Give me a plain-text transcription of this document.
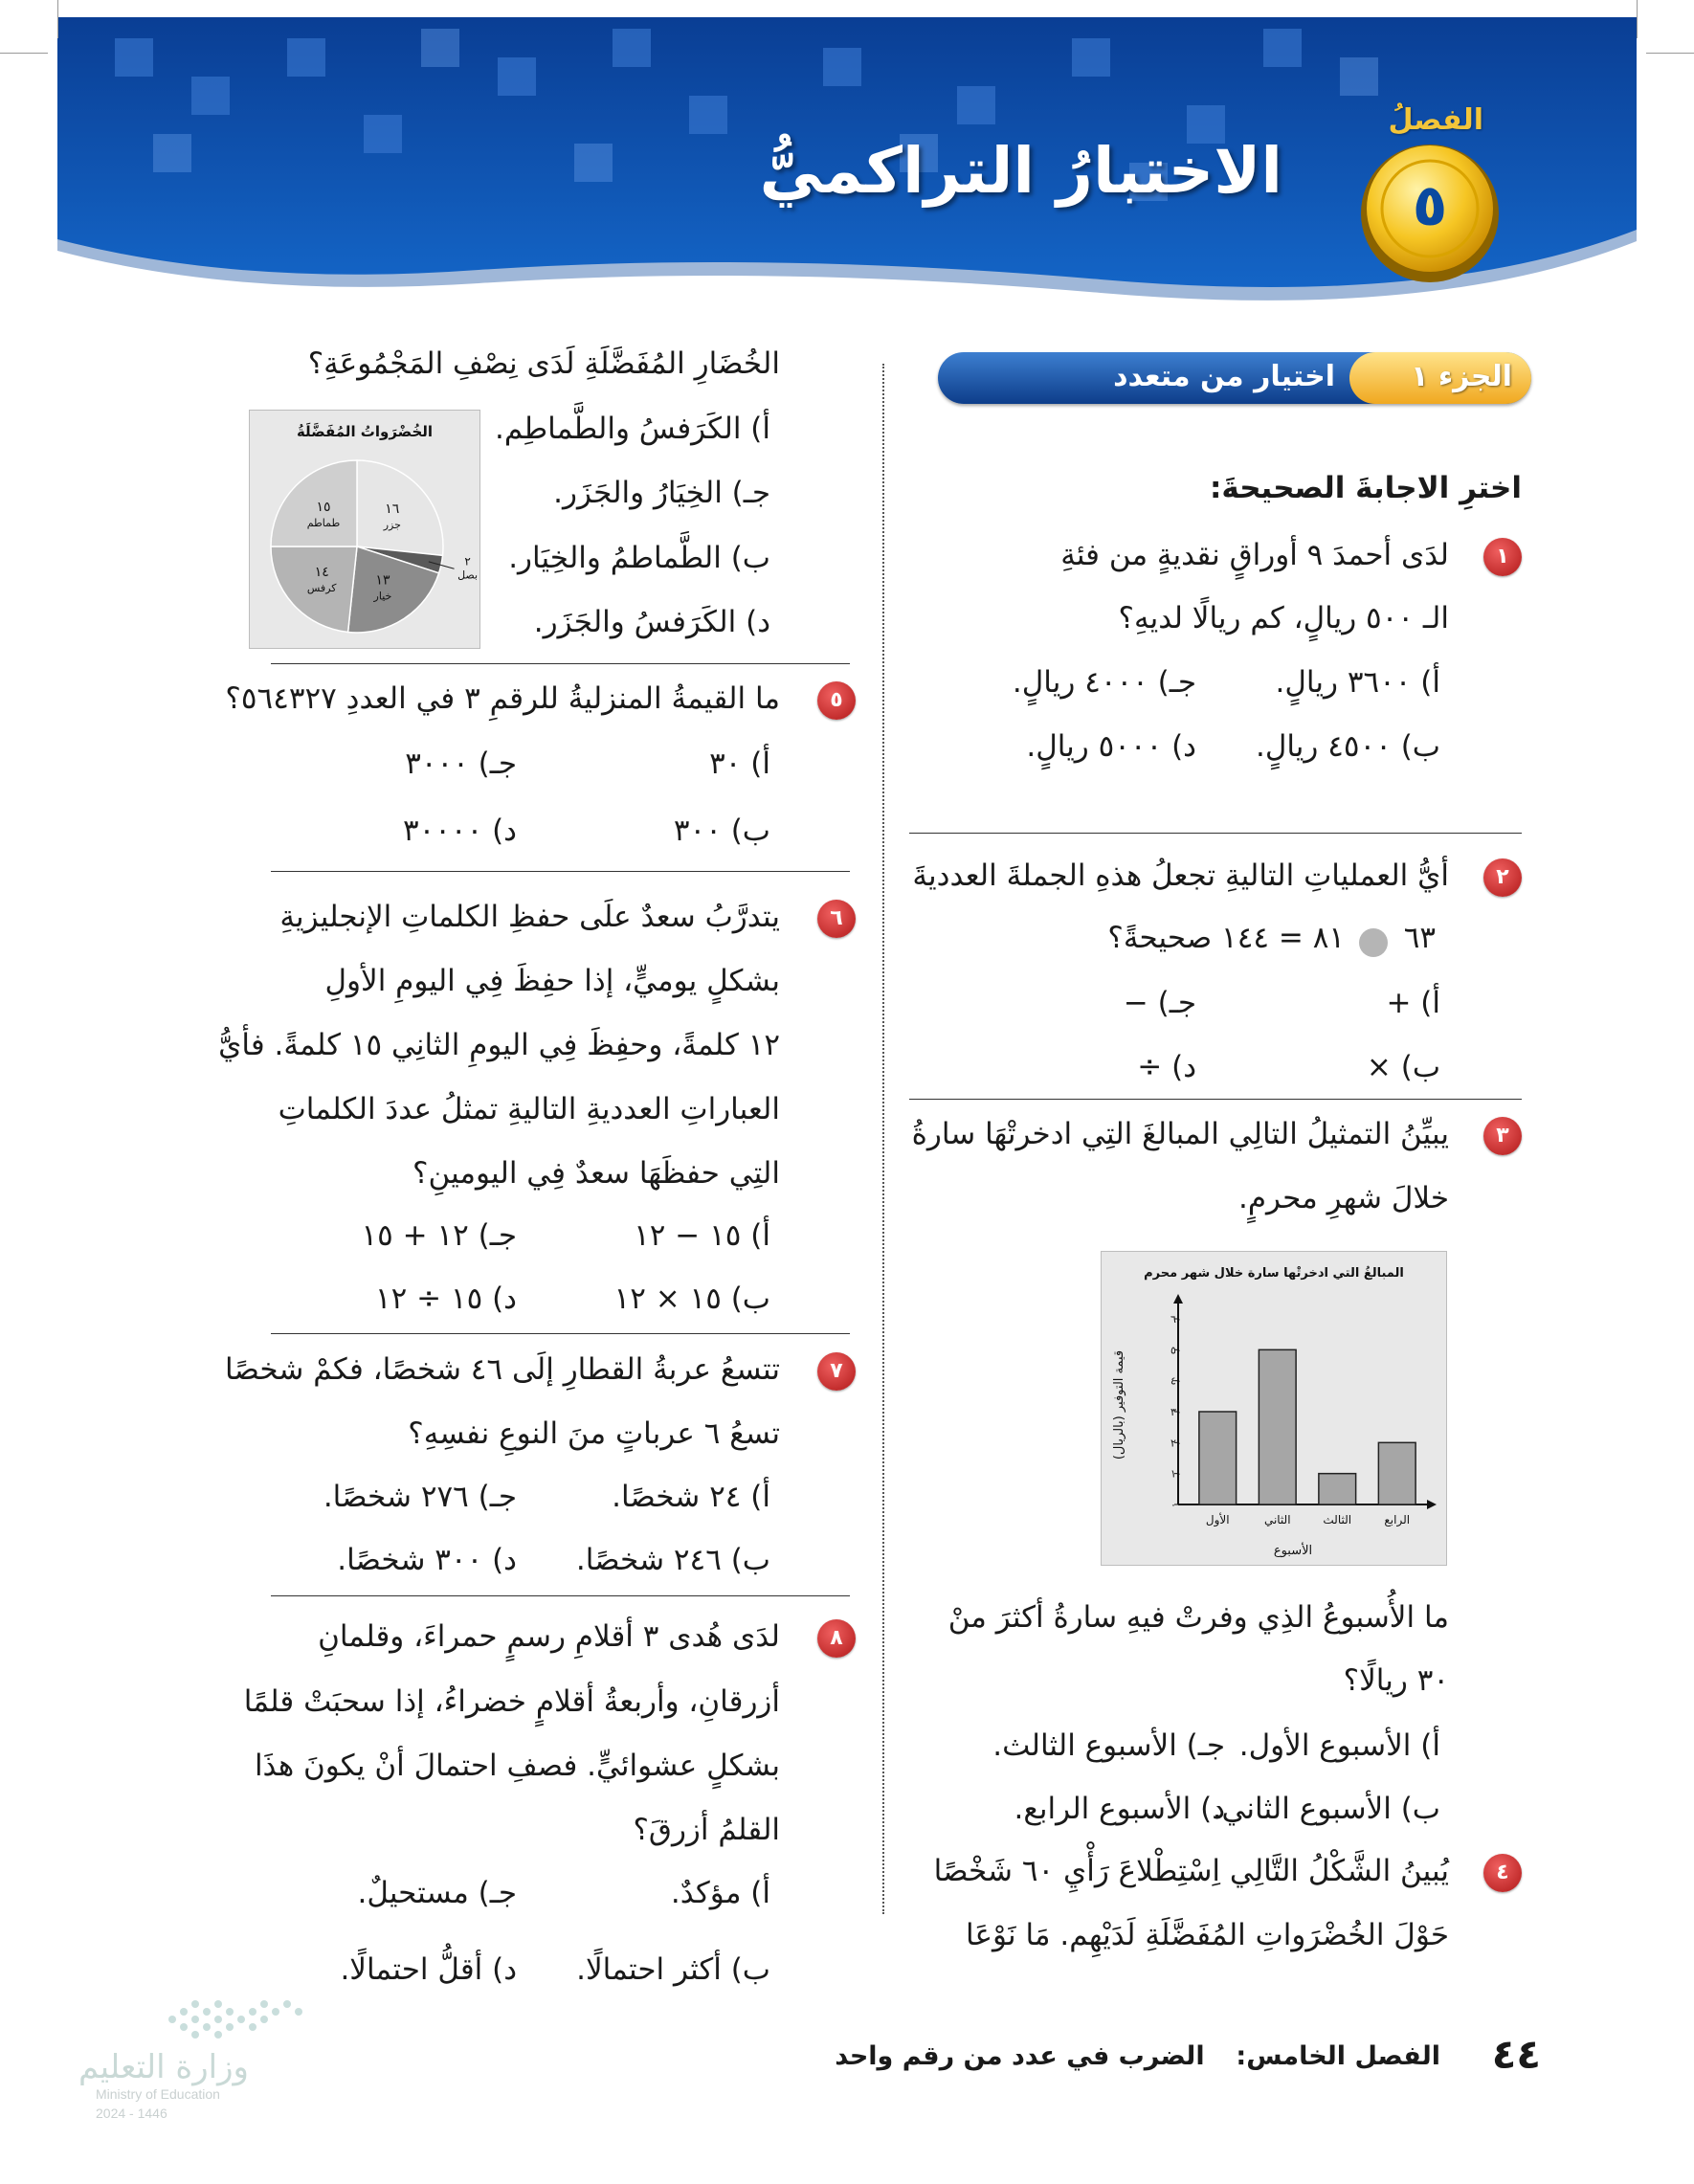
الفصلُ
٥
الاختبارُ التراكميُّ
الجزء ١
اختيار من متعدد
اخترِ الاجابةَ الصحيحةَ:
١
لدَى أحمدَ ٩ أوراقٍ نقديةٍ من فئةِ
الـ ٥٠٠ ريالٍ، كم ريالًا لديهِ؟
أ) ٣٦٠٠ ريالٍ.
جـ) ٤٠٠٠ ريالٍ.
ب) ٤٥٠٠ ريالٍ.
د) ٥٠٠٠ ريالٍ.
٢
أيُّ العملياتِ التاليةِ تجعلُ هذهِ الجملةَ العدديةَ
٦٣
٨١ = ١٤٤ صحيحةً؟
أ) +
جـ) −
ب) ×
د) ÷
٣
يبيِّنُ التمثيلُ التالِي المبالغَ التِي ادخرتْهَا سارةُ
خلالَ شهرِ محرمٍ.
المبالغُ التي ادخرتْها سارة خلال شهر محرم
قيمة التوفير (بالريال)
الأسبوع
٠
١٠
٢٠
٣٠
٤٠
٥٠
٦٠
الأول	الثاني	الثالث	الرابع
ما الأُسبوعُ الذِي وفرتْ فيهِ سارةُ أكثرَ منْ
٣٠ ريالًا؟
أ) الأسبوع الأول.
جـ) الأسبوع الثالث.
ب) الأسبوع الثاني.
د) الأسبوع الرابع.
٤
يُبينُ الشَّكْلُ التَّالِي اِسْتِطْلاعَ رَأْيِ ٦٠ شَخْصًا
حَوْلَ الخُضْرَواتِ المُفَضَّلَةِ لَدَيْهِم. مَا نَوْعَا
الخُضَارِ المُفَضَّلَةِ لَدَى نِصْفِ المَجْمُوعَةِ؟
أ) الكَرَفسُ والطَّماطِم.
جـ) الخِيَارُ والجَزَر.
ب) الطَّماطمُ والخِيَار.
د) الكَرَفسُ والجَزَر.
الخُضْرَواتُ المُفَضَّلَةُ
١٦
جزر
٢
بصل
١٣
خيار
١٤
كرفس
١٥
طماطم
٥
ما القيمةُ المنزليةُ للرقمِ ٣ في العددِ ٥٦٤٣٢٧؟
أ) ٣٠
جـ) ٣٠٠٠
ب) ٣٠٠
د) ٣٠٠٠٠
٦
يتدرَّبُ سعدٌ علَى حفظِ الكلماتِ الإنجليزيةِ
بشكلٍ يوميٍّ، إذا حفِظَ فِي اليومِ الأولِ
١٢ كلمةً، وحفِظَ فِي اليومِ الثانِي ١٥ كلمةً. فأيُّ
العباراتِ العدديةِ التاليةِ تمثلُ عددَ الكلماتِ
التِي حفظَهَا سعدٌ فِي اليومينِ؟
أ) ١٥ − ١٢
جـ) ١٢ + ١٥
ب) ١٥ × ١٢
د) ١٥ ÷ ١٢
٧
تتسعُ عربةُ القطارِ إلَى ٤٦ شخصًا، فكمْ شخصًا
تسعُ ٦ عرباتٍ منَ النوعِ نفسِهِ؟
أ) ٢٤ شخصًا.
جـ) ٢٧٦ شخصًا.
ب) ٢٤٦ شخصًا.
د) ٣٠٠ شخصًا.
٨
لدَى هُدى ٣ أقلامِ رسمٍ حمراءَ، وقلمانِ
أزرقانِ، وأربعةُ أقلامٍ خضراءُ، إذا سحبَتْ قلمًا
بشكلٍ عشوائيٍّ. فصفِ احتمالَ أنْ يكونَ هذَا
القلمُ أزرقَ؟
أ) مؤكدٌ.
جـ) مستحيلٌ.
ب) أكثر احتمالًا.
د) أقلُّ احتمالًا.
٤٤
الفصل الخامس:  الضرب في عدد من رقم واحد
وزارة التعليم
Ministry of Education
2024 - 1446
